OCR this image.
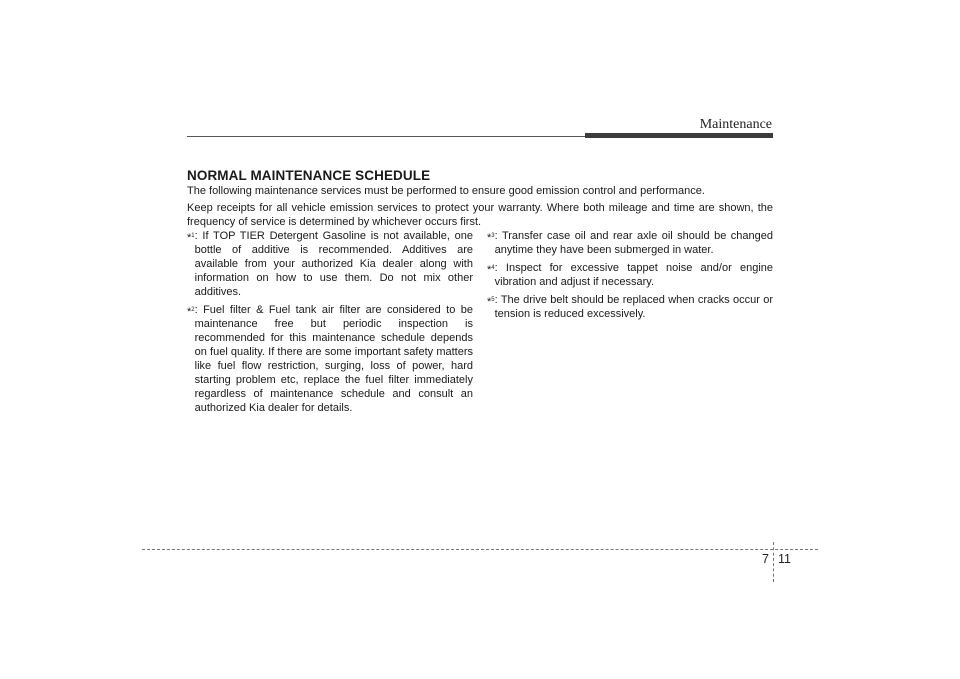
Maintenance
NORMAL MAINTENANCE SCHEDULE
The following maintenance services must be performed to ensure good emission control and performance.
Keep receipts for all vehicle emission services to protect your warranty. Where both mileage and time are shown, the frequency of service is determined by whichever occurs first.
*$^1$ : If TOP TIER Detergent Gasoline is not available, one bottle of additive is recommended. Additives are available from your authorized Kia dealer along with information on how to use them. Do not mix other additives.
*$^2$ : Fuel filter & Fuel tank air filter are considered to be maintenance free but periodic inspection is recommended for this maintenance schedule depends on fuel quality. If there are some important safety matters like fuel flow restriction, surging, loss of power, hard starting problem etc, replace the fuel filter immediately regardless of maintenance schedule and consult an authorized Kia dealer for details.
*$^3$ : Transfer case oil and rear axle oil should be changed anytime they have been submerged in water.
*$^4$ : Inspect for excessive tappet noise and/or engine vibration and adjust if necessary.
*$^5$ : The drive belt should be replaced when cracks occur or tension is reduced excessively.
7 11
